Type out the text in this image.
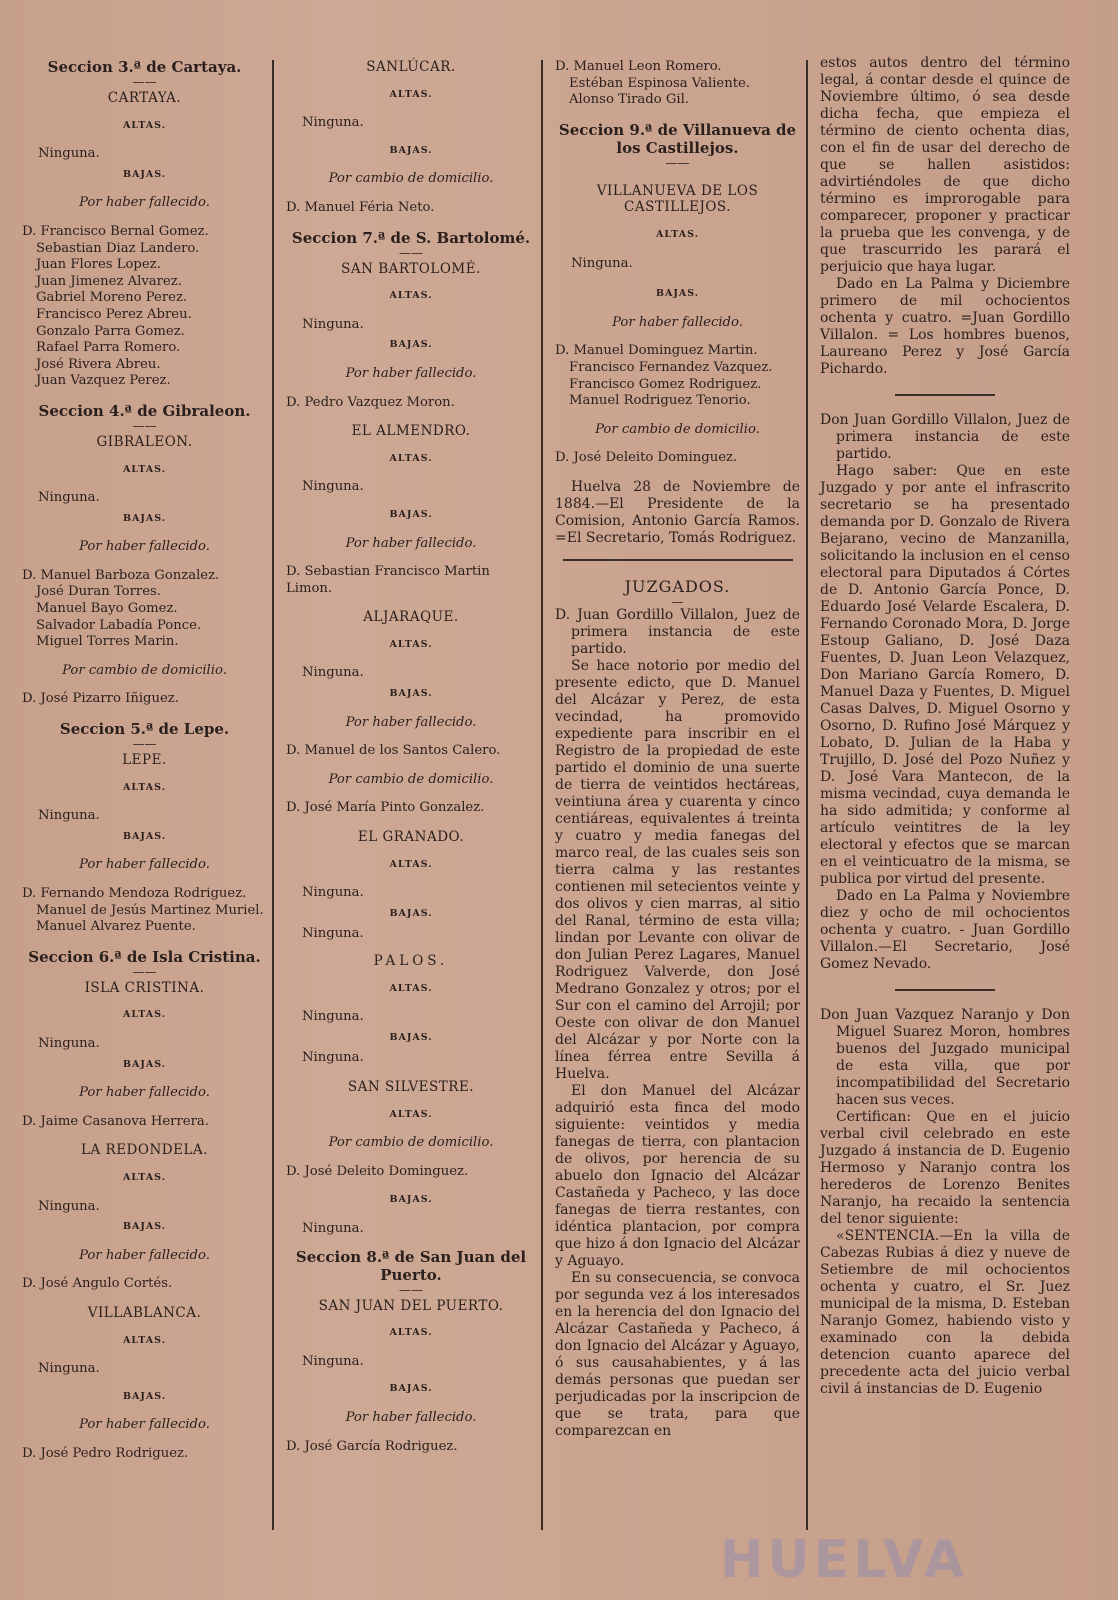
Seccion 3.ª de Cartaya.
——
CARTAYA.
ALTAS.
Ninguna.
BAJAS.
Por haber fallecido.
D. Francisco Bernal Gomez.
Sebastian Diaz Landero.
Juan Flores Lopez.
Juan Jimenez Alvarez.
Gabriel Moreno Perez.
Francisco Perez Abreu.
Gonzalo Parra Gomez.
Rafael Parra Romero.
José Rivera Abreu.
Juan Vazquez Perez.
Seccion 4.ª de Gibraleon.
——
GIBRALEON.
ALTAS.
Ninguna.
BAJAS.
Por haber fallecido.
D. Manuel Barboza Gonzalez.
José Duran Torres.
Manuel Bayo Gomez.
Salvador Labadía Ponce.
Miguel Torres Marin.
Por cambio de domicilio.
D. José Pizarro Iñiguez.
Seccion 5.ª de Lepe.
——
LEPE.
ALTAS.
Ninguna.
BAJAS.
Por haber fallecido.
D. Fernando Mendoza Rodriguez.
Manuel de Jesús Martinez Muriel.
Manuel Alvarez Puente.
Seccion 6.ª de Isla Cristina.
——
ISLA CRISTINA.
ALTAS.
Ninguna.
BAJAS.
Por haber fallecido.
D. Jaime Casanova Herrera.
LA REDONDELA.
ALTAS.
Ninguna.
BAJAS.
Por haber fallecido.
D. José Angulo Cortés.
VILLABLANCA.
ALTAS.
Ninguna.
BAJAS.
Por haber fallecido.
D. José Pedro Rodriguez.
SANLÚCAR.
ALTAS.
Ninguna.
BAJAS.
Por cambio de domicilio.
D. Manuel Féria Neto.
Seccion 7.ª de S. Bartolomé.
——
SAN BARTOLOMÉ.
ALTAS.
Ninguna.
BAJAS.
Por haber fallecido.
D. Pedro Vazquez Moron.
EL ALMENDRO.
ALTAS.
Ninguna.
BAJAS.
Por haber fallecido.
D. Sebastian Francisco Martin Limon.
ALJARAQUE.
ALTAS.
Ninguna.
BAJAS.
Por haber fallecido.
D. Manuel de los Santos Calero.
Por cambio de domicilio.
D. José María Pinto Gonzalez.
EL GRANADO.
ALTAS.
Ninguna.
BAJAS.
Ninguna.
PALOS.
ALTAS.
Ninguna.
BAJAS.
Ninguna.
SAN SILVESTRE.
ALTAS.
Por cambio de domicilio.
D. José Deleito Dominguez.
BAJAS.
Ninguna.
Seccion 8.ª de San Juan del Puerto.
——
SAN JUAN DEL PUERTO.
ALTAS.
Ninguna.
BAJAS.
Por haber fallecido.
D. José García Rodriguez.
D. Manuel Leon Romero.
Estéban Espinosa Valiente.
Alonso Tirado Gil.
Seccion 9.ª de Villanueva de los Castillejos.
——
VILLANUEVA DE LOS CASTILLEJOS.
ALTAS.
Ninguna.
BAJAS.
Por haber fallecido.
D. Manuel Dominguez Martin.
Francisco Fernandez Vazquez.
Francisco Gomez Rodriguez.
Manuel Rodriguez Tenorio.
Por cambio de domicilio.
D. José Deleito Dominguez.

Huelva 28 de Noviembre de 1884.—El Presidente de la Comision, Antonio García Ramos. =El Secretario, Tomás Rodriguez.

JUZGADOS.
—

D. Juan Gordillo Villalon, Juez de primera instancia de este partido.

Se hace notorio por medio del presente edicto, que D. Manuel del Alcázar y Perez, de esta vecindad, ha promovido expediente para inscribir en el Registro de la propiedad de este partido el dominio de una suerte de tierra de veintidos hectáreas, veintiuna área y cuarenta y cinco centiáreas, equivalentes á treinta y cuatro y media fanegas del marco real, de las cuales seis son tierra calma y las restantes contienen mil setecientos veinte y dos olivos y cien marras, al sitio del Ranal, término de esta villa; lindan por Levante con olivar de don Julian Perez Lagares, Manuel Rodriguez Valverde, don José Medrano Gonzalez y otros; por el Sur con el camino del Arrojil; por Oeste con olivar de don Manuel del Alcázar y por Norte con la línea férrea entre Sevilla á Huelva.

El don Manuel del Alcázar adquirió esta finca del modo siguiente: veintidos y media fanegas de tierra, con plantacion de olivos, por herencia de su abuelo don Ignacio del Alcázar Castañeda y Pacheco, y las doce fanegas de tierra restantes, con idéntica plantacion, por compra que hizo á don Ignacio del Alcázar y Aguayo.

En su consecuencia, se convoca por segunda vez á los interesados en la herencia del don Ignacio del Alcázar Castañeda y Pacheco, á don Ignacio del Alcázar y Aguayo, ó sus causahabientes, y á las demás personas que puedan ser perjudicadas por la inscripcion de que se trata, para que comparezcan en

estos autos dentro del término legal, á contar desde el quince de Noviembre último, ó sea desde dicha fecha, que empieza el término de ciento ochenta dias, con el fin de usar del derecho de que se hallen asistidos: advirtiéndoles de que dicho término es improrogable para comparecer, proponer y practicar la prueba que les convenga, y de que trascurrido les parará el perjuicio que haya lugar.

Dado en La Palma y Diciembre primero de mil ochocientos ochenta y cuatro. =Juan Gordillo Villalon. = Los hombres buenos, Laureano Perez y José García Pichardo.

Don Juan Gordillo Villalon, Juez de primera instancia de este partido.

Hago saber: Que en este Juzgado y por ante el infrascrito secretario se ha presentado demanda por D. Gonzalo de Rivera Bejarano, vecino de Manzanilla, solicitando la inclusion en el censo electoral para Diputados á Córtes de D. Antonio García Ponce, D. Eduardo José Velarde Escalera, D. Fernando Coronado Mora, D. Jorge Estoup Galiano, D. José Daza Fuentes, D. Juan Leon Velazquez, Don Mariano García Romero, D. Manuel Daza y Fuentes, D. Miguel Casas Dalves, D. Miguel Osorno y Osorno, D. Rufino José Márquez y Lobato, D. Julian de la Haba y Trujillo, D. José del Pozo Nuñez y D. José Vara Mantecon, de la misma vecindad, cuya demanda le ha sido admitida; y conforme al artículo veintitres de la ley electoral y efectos que se marcan en el veinticuatro de la misma, se publica por virtud del presente.

Dado en La Palma y Noviembre diez y ocho de mil ochocientos ochenta y cuatro. - Juan Gordillo Villalon.—El Secretario, José Gomez Nevado.

Don Juan Vazquez Naranjo y Don Miguel Suarez Moron, hombres buenos del Juzgado municipal de esta villa, que por incompatibilidad del Secretario hacen sus veces.

Certifican: Que en el juicio verbal civil celebrado en este Juzgado á instancia de D. Eugenio Hermoso y Naranjo contra los herederos de Lorenzo Benites Naranjo, ha recaido la sentencia del tenor siguiente:

«SENTENCIA.—En la villa de Cabezas Rubias á diez y nueve de Setiembre de mil ochocientos ochenta y cuatro, el Sr. Juez municipal de la misma, D. Esteban Naranjo Gomez, habiendo visto y examinado con la debida detencion cuanto aparece del precedente acta del juicio verbal civil á instancias de D. Eugenio

HUELVA
